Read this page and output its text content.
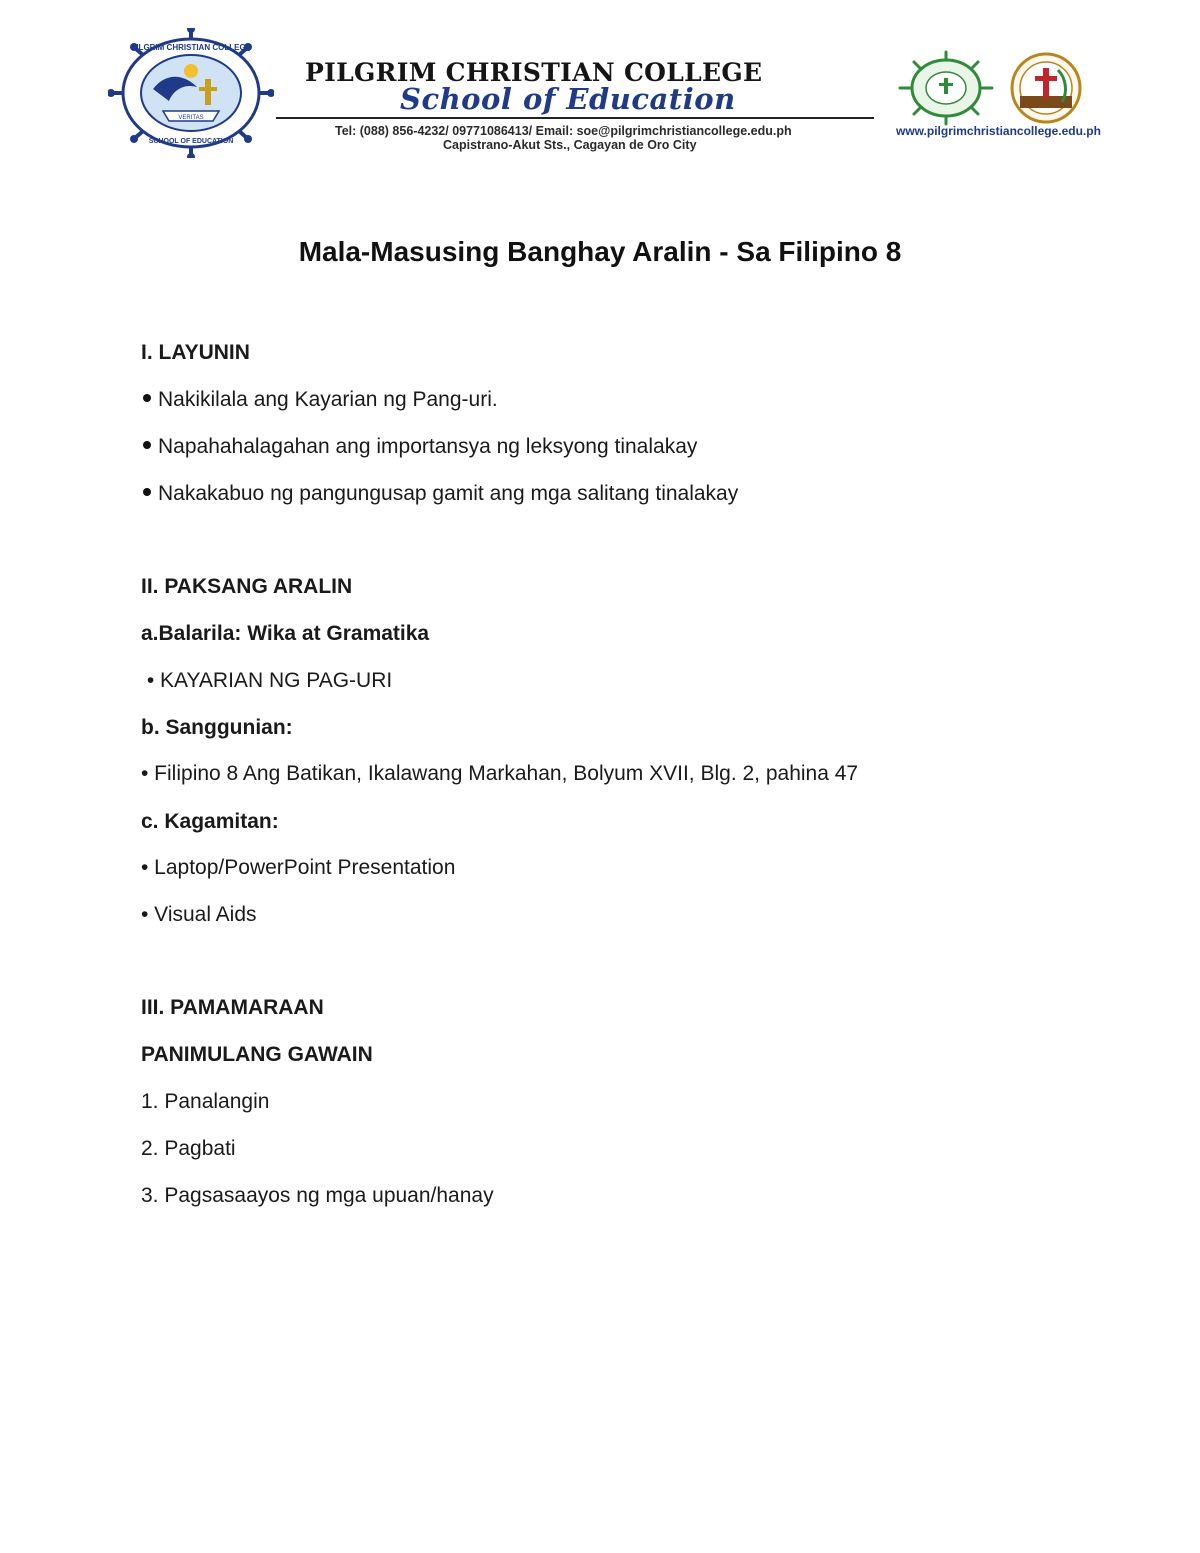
PILGRIM CHRISTIAN COLLEGE
SCHOOL OF EDUCATION
VERITAS
PILGRIM CHRISTIAN COLLEGE
School of Education
Tel: (088) 856-4232/ 09771086413/ Email: soe@pilgrimchristiancollege.edu.ph
Capistrano-Akut Sts., Cagayan de Oro City
www.pilgrimchristiancollege.edu.ph
Mala-Masusing Banghay Aralin - Sa Filipino 8
I. LAYUNIN
Nakikilala ang Kayarian ng Pang-uri.
Napahahalagahan ang importansya ng leksyong tinalakay
Nakakabuo ng pangungusap gamit ang mga salitang tinalakay
II. PAKSANG ARALIN
a.Balarila: Wika at Gramatika
• KAYARIAN NG PAG-URI
b. Sanggunian:
• Filipino 8 Ang Batikan, Ikalawang Markahan, Bolyum XVII, Blg. 2, pahina 47
c. Kagamitan:
• Laptop/PowerPoint Presentation
• Visual Aids
III. PAMAMARAAN
PANIMULANG GAWAIN
1. Panalangin
2. Pagbati
3. Pagsasaayos ng mga upuan/hanay
